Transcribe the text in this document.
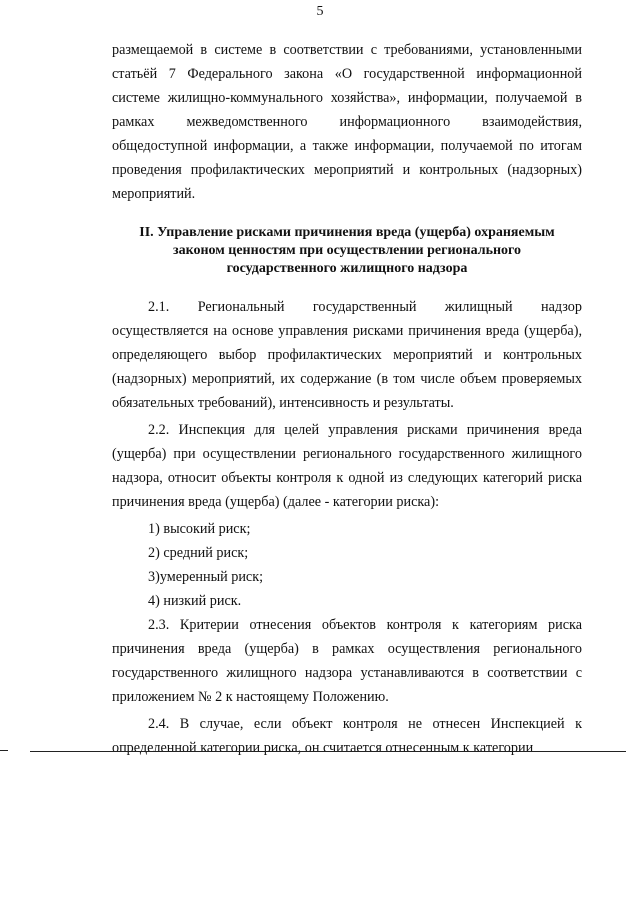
5

размещаемой в системе в соответствии с требованиями, установленными статьёй 7 Федерального закона «О государственной информационной системе жилищно-коммунального хозяйства», информации, получаемой в рамках межведомственного информационного взаимодействия, общедоступной информации, а также информации, получаемой по итогам проведения профилактических мероприятий и контрольных (надзорных) мероприятий.

II. Управление рисками причинения вреда (ущерба) охраняемым
законом ценностям при осуществлении регионального
государственного жилищного надзора

2.1. Региональный государственный жилищный надзор осуществляется на основе управления рисками причинения вреда (ущерба), определяющего выбор профилактических мероприятий и контрольных (надзорных) мероприятий, их содержание (в том числе объем проверяемых обязательных требований), интенсивность и результаты.

2.2. Инспекция для целей управления рисками причинения вреда (ущерба) при осуществлении регионального государственного жилищного надзора, относит объекты контроля к одной из следующих категорий риска причинения вреда (ущерба) (далее - категории риска):

1) высокий риск;

2) средний риск;

3)умеренный риск;

4) низкий риск.

2.3. Критерии отнесения объектов контроля к категориям риска причинения вреда (ущерба) в рамках осуществления регионального государственного жилищного надзора устанавливаются в соответствии с приложением № 2 к настоящему Положению.

2.4. В случае, если объект контроля не отнесен Инспекцией к определенной категории риска, он считается отнесенным к категории
